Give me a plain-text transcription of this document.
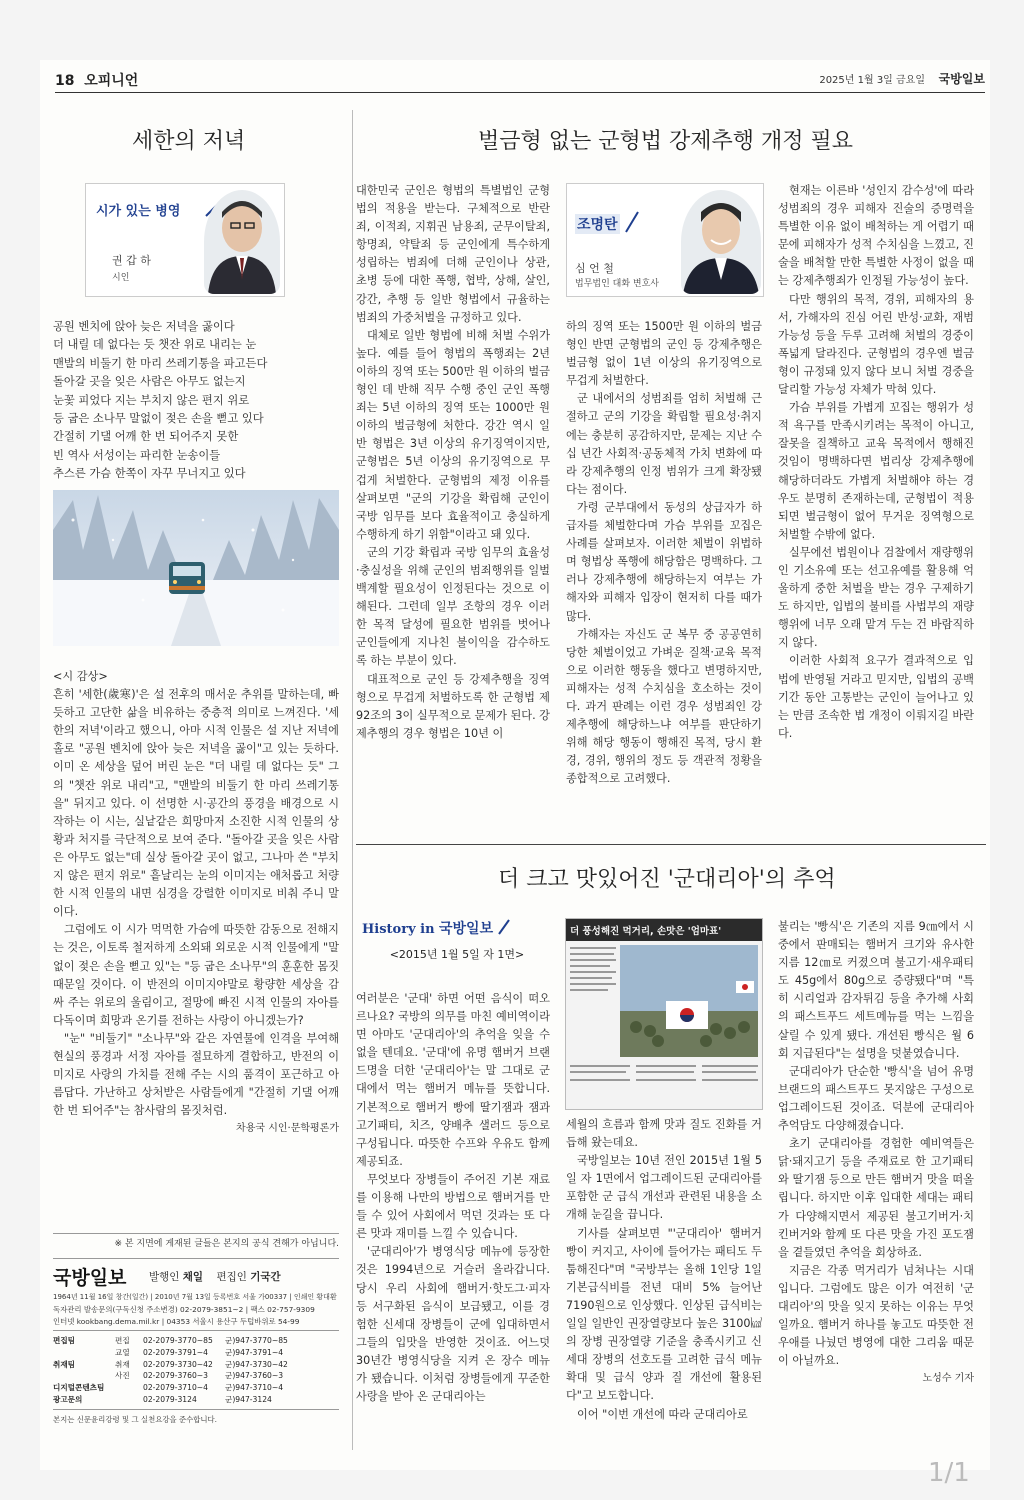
18 오피니언	2025년 1월 3일 금요일 국방일보
세한의 저녁
시가 있는 병영
권 갑 하
시인
공원 벤치에 앉아 늦은 저녁을 곯이다
더 내릴 데 없다는 듯 챗잔 위로 내리는 눈
맨발의 비둘기 한 마리 쓰레기통을 파고든다
돌아갈 곳을 잊은 사람은 아무도 없는지
눈꽃 피었다 지는 부치지 않은 편지 위로
등 굽은 소나무 말없이 젖은 손을 뻗고 있다
간절히 기댈 어깨 한 번 되어주지 못한
빈 역사 서성이는 파리한 눈송이들
추스른 가슴 한쪽이 자꾸 무너지고 있다

<시 감상>

흔히 '세한(歲寒)'은 설 전후의 매서운 추위를 말하는데, 빠듯하고 고단한 삶을 비유하는 중층적 의미로 느껴진다. '세한의 저녁'이라고 했으니, 아마 시적 인물은 설 지난 저녁에 홀로 "공원 벤치에 앉아 늦은 저녁을 곯이"고 있는 듯하다. 이미 온 세상을 덮어 버린 눈은 "더 내릴 데 없다는 듯" 그의 "챗잔 위로 내리"고, "맨발의 비둘기 한 마리 쓰레기통을" 뒤지고 있다. 이 선명한 시·공간의 풍경을 배경으로 시작하는 이 시는, 실낱같은 희망마저 소진한 시적 인물의 상황과 처지를 극단적으로 보여 준다. "돌아갈 곳을 잊은 사람은 아무도 없는"데 실상 돌아갈 곳이 없고, 그나마 쓴 "부치지 않은 편지 위로" 흩날리는 눈의 이미지는 애처롭고 처량한 시적 인물의 내면 심경을 강렬한 이미지로 비춰 주니 말이다.

그럼에도 이 시가 먹먹한 가슴에 따뜻한 감동으로 전해지는 것은, 이토록 철저하게 소외돼 외로운 시적 인물에게 "말없이 젖은 손을 뻗고 있"는 "등 굽은 소나무"의 훈훈한 몸짓 때문일 것이다. 이 반전의 이미지야말로 황량한 세상을 감싸 주는 위로의 울림이고, 절망에 빠진 시적 인물의 자아를 다독이며 희망과 온기를 전하는 사랑이 아니겠는가?

"눈" "비둘기" "소나무"와 같은 자연물에 인격을 부여해 현실의 풍경과 서정 자아를 절묘하게 결합하고, 반전의 이미지로 사랑의 가치를 전해 주는 시의 품격이 포근하고 아름답다. 가난하고 상처받은 사람들에게 "간절히 기댈 어깨 한 번 되어주"는 참사람의 몸짓처럼.

차용국 시인·문학평론가

※ 본 지면에 게재된 글들은 본지의 공식 견해가 아닙니다.
국방일보 발행인 채일 편집인 기국간
1964년 11월 16일 창간(일간) | 2010년 7월 13일 등록번호 서울 가00337 | 인쇄인 황대환
독자관리 발송문의(구독신청 주소변경) 02-2079-3851~2 | 팩스 02-757-9309
인터넷 kookbang.dema.mil.kr | 04353 서울시 용산구 두텁바위로 54-99
편집팀	편집 02-2079-3770~85 군)947-3770~85
교열 02-2079-3791~4 군)947-3791~4
취재팀	취재 02-2079-3730~42 군)947-3730~42
사진 02-2079-3760~3 군)947-3760~3
디지털콘텐츠팀	02-2079-3710~4 군)947-3710~4
광고문의	02-2079-3124	군)947-3124
본지는 신문윤리강령 및 그 실천요강을 준수합니다.
벌금형 없는 군형법 강제추행 개정 필요

대한민국 군인은 형법의 특별법인 군형법의 적용을 받는다. 구체적으로 반란죄, 이적죄, 지휘권 남용죄, 군무이탈죄, 항명죄, 약탈죄 등 군인에게 특수하게 성립하는 범죄에 더해 군인이나 상관, 초병 등에 대한 폭행, 협박, 상해, 살인, 강간, 추행 등 일반 형법에서 규율하는 범죄의 가중처벌을 규정하고 있다.

대체로 일반 형법에 비해 처벌 수위가 높다. 예를 들어 형법의 폭행죄는 2년 이하의 징역 또는 500만 원 이하의 벌금형인 데 반해 직무 수행 중인 군인 폭행죄는 5년 이하의 징역 또는 1000만 원 이하의 벌금형에 처한다. 강간 역시 일반 형법은 3년 이상의 유기징역이지만, 군형법은 5년 이상의 유기징역으로 무겁게 처벌한다. 군형법의 제정 이유를 살펴보면 "군의 기강을 확립해 군인이 국방 임무를 보다 효율적이고 충실하게 수행하게 하기 위함"이라고 돼 있다.

군의 기강 확립과 국방 임무의 효율성·충실성을 위해 군인의 범죄행위를 일벌백계할 필요성이 인정된다는 것으로 이해된다. 그런데 일부 조항의 경우 이러한 목적 달성에 필요한 범위를 벗어나 군인들에게 지나친 불이익을 감수하도록 하는 부분이 있다.

대표적으로 군인 등 강제추행을 징역형으로 무겁게 처벌하도록 한 군형법 제92조의 3이 실무적으로 문제가 된다. 강제추행의 경우 형법은 10년 이

조명탄
심 언 철
법무법인 대화 변호사

하의 징역 또는 1500만 원 이하의 벌금형인 반면 군형법의 군인 등 강제추행은 벌금형 없이 1년 이상의 유기징역으로 무겁게 처벌한다.

군 내에서의 성범죄를 엄히 처벌해 근절하고 군의 기강을 확립할 필요성·취지에는 충분히 공감하지만, 문제는 지난 수십 년간 사회적·공동체적 가치 변화에 따라 강제추행의 인정 범위가 크게 확장됐다는 점이다.

가령 군부대에서 동성의 상급자가 하급자를 체벌한다며 가슴 부위를 꼬집은 사례를 살펴보자. 이러한 체벌이 위법하며 형법상 폭행에 해당함은 명백하다. 그러나 강제추행에 해당하는지 여부는 가해자와 피해자 입장이 현저히 다를 때가 많다.

가해자는 자신도 군 복무 중 공공연히 당한 체벌이었고 가벼운 질책·교육 목적으로 이러한 행동을 했다고 변명하지만, 피해자는 성적 수치심을 호소하는 것이다. 과거 판례는 이런 경우 성범죄인 강제추행에 해당하느냐 여부를 판단하기 위해 해당 행동이 행해진 목적, 당시 환경, 경위, 행위의 정도 등 객관적 정황을 종합적으로 고려했다.

현재는 이른바 '성인지 감수성'에 따라 성범죄의 경우 피해자 진술의 증명력을 특별한 이유 없이 배척하는 게 어렵기 때문에 피해자가 성적 수치심을 느꼈고, 진술을 배척할 만한 특별한 사정이 없을 때는 강제추행죄가 인정될 가능성이 높다.

다만 행위의 목적, 경위, 피해자의 용서, 가해자의 진심 어린 반성·교화, 재범 가능성 등을 두루 고려해 처벌의 경중이 폭넓게 달라진다. 군형법의 경우엔 벌금형이 규정돼 있지 않다 보니 처벌 경중을 달리할 가능성 자체가 막혀 있다.

가슴 부위를 가볍게 꼬집는 행위가 성적 욕구를 만족시키려는 목적이 아니고, 잘못을 질책하고 교육 목적에서 행해진 것임이 명백하다면 법리상 강제추행에 해당하더라도 가볍게 처벌해야 하는 경우도 분명히 존재하는데, 군형법이 적용되면 벌금형이 없어 무거운 징역형으로 처벌할 수밖에 없다.

실무에선 법원이나 검찰에서 재량행위인 기소유예 또는 선고유예를 활용해 억울하게 중한 처벌을 받는 경우 구제하기도 하지만, 입법의 불비를 사법부의 재량행위에 너무 오래 맡겨 두는 건 바람직하지 않다.

이러한 사회적 요구가 결과적으로 입법에 반영될 거라고 믿지만, 입법의 공백기간 동안 고통받는 군인이 늘어나고 있는 만큼 조속한 법 개정이 이뤄지길 바란다.

더 크고 맛있어진 '군대리아'의 추억
History in 국방일보
<2015년 1월 5일 자 1면>

여러분은 '군대' 하면 어떤 음식이 떠오르나요? 국방의 의무를 마친 예비역이라면 아마도 '군대리아'의 추억을 잊을 수 없을 텐데요. '군대'에 유명 햄버거 브랜드명을 더한 '군대리아'는 말 그대로 군대에서 먹는 햄버거 메뉴를 뜻합니다. 기본적으로 햄버거 빵에 딸기잼과 잼과 고기패티, 치즈, 양배추 샐러드 등으로 구성됩니다. 따뜻한 수프와 우유도 함께 제공되죠.

무엇보다 장병들이 주어진 기본 재료를 이용해 나만의 방법으로 햄버거를 만들 수 있어 사회에서 먹던 것과는 또 다른 맛과 재미를 느낄 수 있습니다.

'군대리아'가 병영식당 메뉴에 등장한 것은 1994년으로 거슬러 올라갑니다. 당시 우리 사회에 햄버거·핫도그·피자 등 서구화된 음식이 보급됐고, 이를 경험한 신세대 장병들이 군에 입대하면서 그들의 입맛을 반영한 것이죠. 어느덧 30년간 병영식당을 지켜 온 장수 메뉴가 됐습니다. 이처럼 장병들에게 꾸준한 사랑을 받아 온 군대리아는

더 풍성해진 먹거리, 손맛은 '엄마표'

세월의 흐름과 함께 맛과 질도 진화를 거듭해 왔는데요.

국방일보는 10년 전인 2015년 1월 5일 자 1면에서 업그레이드된 군대리아를 포함한 군 급식 개선과 관련된 내용을 소개해 눈길을 끕니다.

기사를 살펴보면 "'군대리아' 햄버거 빵이 커지고, 사이에 들어가는 패티도 두툼해진다"며 "국방부는 올해 1인당 1일 기본급식비를 전년 대비 5% 늘어난 7190원으로 인상했다. 인상된 급식비는 일일 일반인 권장열량보다 높은 3100㎉의 장병 권장열량 기준을 충족시키고 신세대 장병의 선호도를 고려한 급식 메뉴 확대 및 급식 양과 질 개선에 활용된다"고 보도합니다.

이어 "이번 개선에 따라 군대리아로

불리는 '빵식'은 기존의 지름 9㎝에서 시중에서 판매되는 햄버거 크기와 유사한 지름 12㎝로 커졌으며 불고기·새우패티도 45g에서 80g으로 증량됐다"며 "특히 시리얼과 감자튀김 등을 추가해 사회의 패스트푸드 세트메뉴를 먹는 느낌을 살릴 수 있게 됐다. 개선된 빵식은 월 6회 지급된다"는 설명을 덧붙였습니다.

군대리아가 단순한 '빵식'을 넘어 유명 브랜드의 패스트푸드 못지않은 구성으로 업그레이드된 것이죠. 덕분에 군대리아 추억담도 다양해졌습니다.

초기 군대리아를 경험한 예비역들은 닭·돼지고기 등을 주재료로 한 고기패티와 딸기잼 등으로 만든 햄버거 맛을 떠올립니다. 하지만 이후 입대한 세대는 패티가 다양해지면서 제공된 불고기버거·치킨버거와 함께 또 다른 맛을 가진 포도잼을 곁들였던 추억을 회상하죠.

지금은 각종 먹거리가 넘쳐나는 시대입니다. 그럼에도 많은 이가 여전히 '군대리아'의 맛을 잊지 못하는 이유는 무엇일까요. 햄버거 하나를 놓고도 따뜻한 전우애를 나눴던 병영에 대한 그리움 때문이 아닐까요.

노성수 기자

1/1
